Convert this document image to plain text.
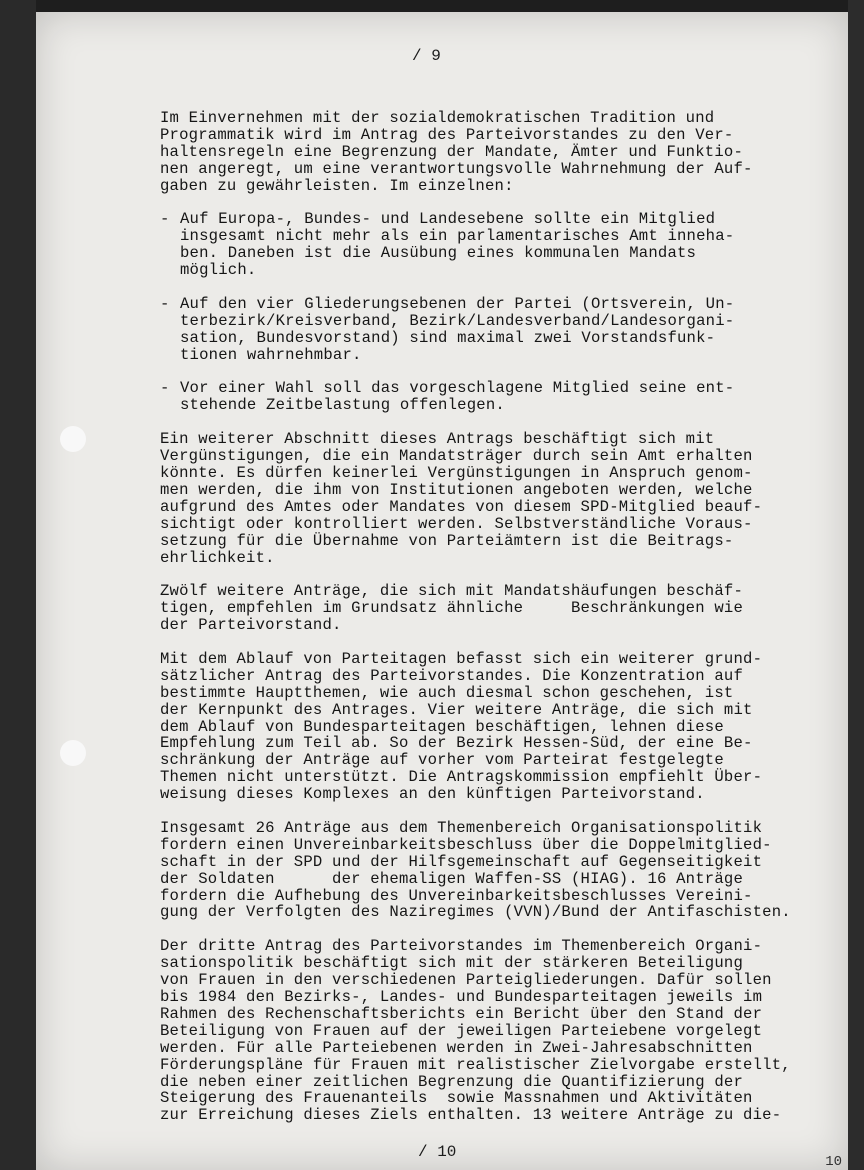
/ 9

Im Einvernehmen mit der sozialdemokratischen Tradition und
Programmatik wird im Antrag des Parteivorstandes zu den Ver-
haltensregeln eine Begrenzung der Mandate, Ämter und Funktio-
nen angeregt, um eine verantwortungsvolle Wahrnehmung der Auf-
gaben zu gewährleisten. Im einzelnen:

- Auf Europa-, Bundes- und Landesebene sollte ein Mitglied
insgesamt nicht mehr als ein parlamentarisches Amt inneha-
ben. Daneben ist die Ausübung eines kommunalen Mandats
möglich.
- Auf den vier Gliederungsebenen der Partei (Ortsverein, Un-
terbezirk/Kreisverband, Bezirk/Landesverband/Landesorgani-
sation, Bundesvorstand) sind maximal zwei Vorstandsfunk-
tionen wahrnehmbar.
- Vor einer Wahl soll das vorgeschlagene Mitglied seine ent-
stehende Zeitbelastung offenlegen.

Ein weiterer Abschnitt dieses Antrags beschäftigt sich mit
Vergünstigungen, die ein Mandatsträger durch sein Amt erhalten
könnte. Es dürfen keinerlei Vergünstigungen in Anspruch genom-
men werden, die ihm von Institutionen angeboten werden, welche
aufgrund des Amtes oder Mandates von diesem SPD-Mitglied beauf-
sichtigt oder kontrolliert werden. Selbstverständliche Voraus-
setzung für die Übernahme von Parteiämtern ist die Beitrags-
ehrlichkeit.

Zwölf weitere Anträge, die sich mit Mandatshäufungen beschäf-
tigen, empfehlen im Grundsatz ähnliche     Beschränkungen wie
der Parteivorstand.

Mit dem Ablauf von Parteitagen befasst sich ein weiterer grund-
sätzlicher Antrag des Parteivorstandes. Die Konzentration auf
bestimmte Hauptthemen, wie auch diesmal schon geschehen, ist
der Kernpunkt des Antrages. Vier weitere Anträge, die sich mit
dem Ablauf von Bundesparteitagen beschäftigen, lehnen diese
Empfehlung zum Teil ab. So der Bezirk Hessen-Süd, der eine Be-
schränkung der Anträge auf vorher vom Parteirat festgelegte
Themen nicht unterstützt. Die Antragskommission empfiehlt Über-
weisung dieses Komplexes an den künftigen Parteivorstand.

Insgesamt 26 Anträge aus dem Themenbereich Organisationspolitik
fordern einen Unvereinbarkeitsbeschluss über die Doppelmitglied-
schaft in der SPD und der Hilfsgemeinschaft auf Gegenseitigkeit
der Soldaten      der ehemaligen Waffen-SS (HIAG). 16 Anträge
fordern die Aufhebung des Unvereinbarkeitsbeschlusses Vereini-
gung der Verfolgten des Naziregimes (VVN)/Bund der Antifaschisten.

Der dritte Antrag des Parteivorstandes im Themenbereich Organi-
sationspolitik beschäftigt sich mit der stärkeren Beteiligung
von Frauen in den verschiedenen Parteigliederungen. Dafür sollen
bis 1984 den Bezirks-, Landes- und Bundesparteitagen jeweils im
Rahmen des Rechenschaftsberichts ein Bericht über den Stand der
Beteiligung von Frauen auf der jeweiligen Parteiebene vorgelegt
werden. Für alle Parteiebenen werden in Zwei-Jahresabschnitten
Förderungspläne für Frauen mit realistischer Zielvorgabe erstellt,
die neben einer zeitlichen Begrenzung die Quantifizierung der
Steigerung des Frauenanteils  sowie Massnahmen und Aktivitäten
zur Erreichung dieses Ziels enthalten. 13 weitere Anträge zu die-

/ 10
10
